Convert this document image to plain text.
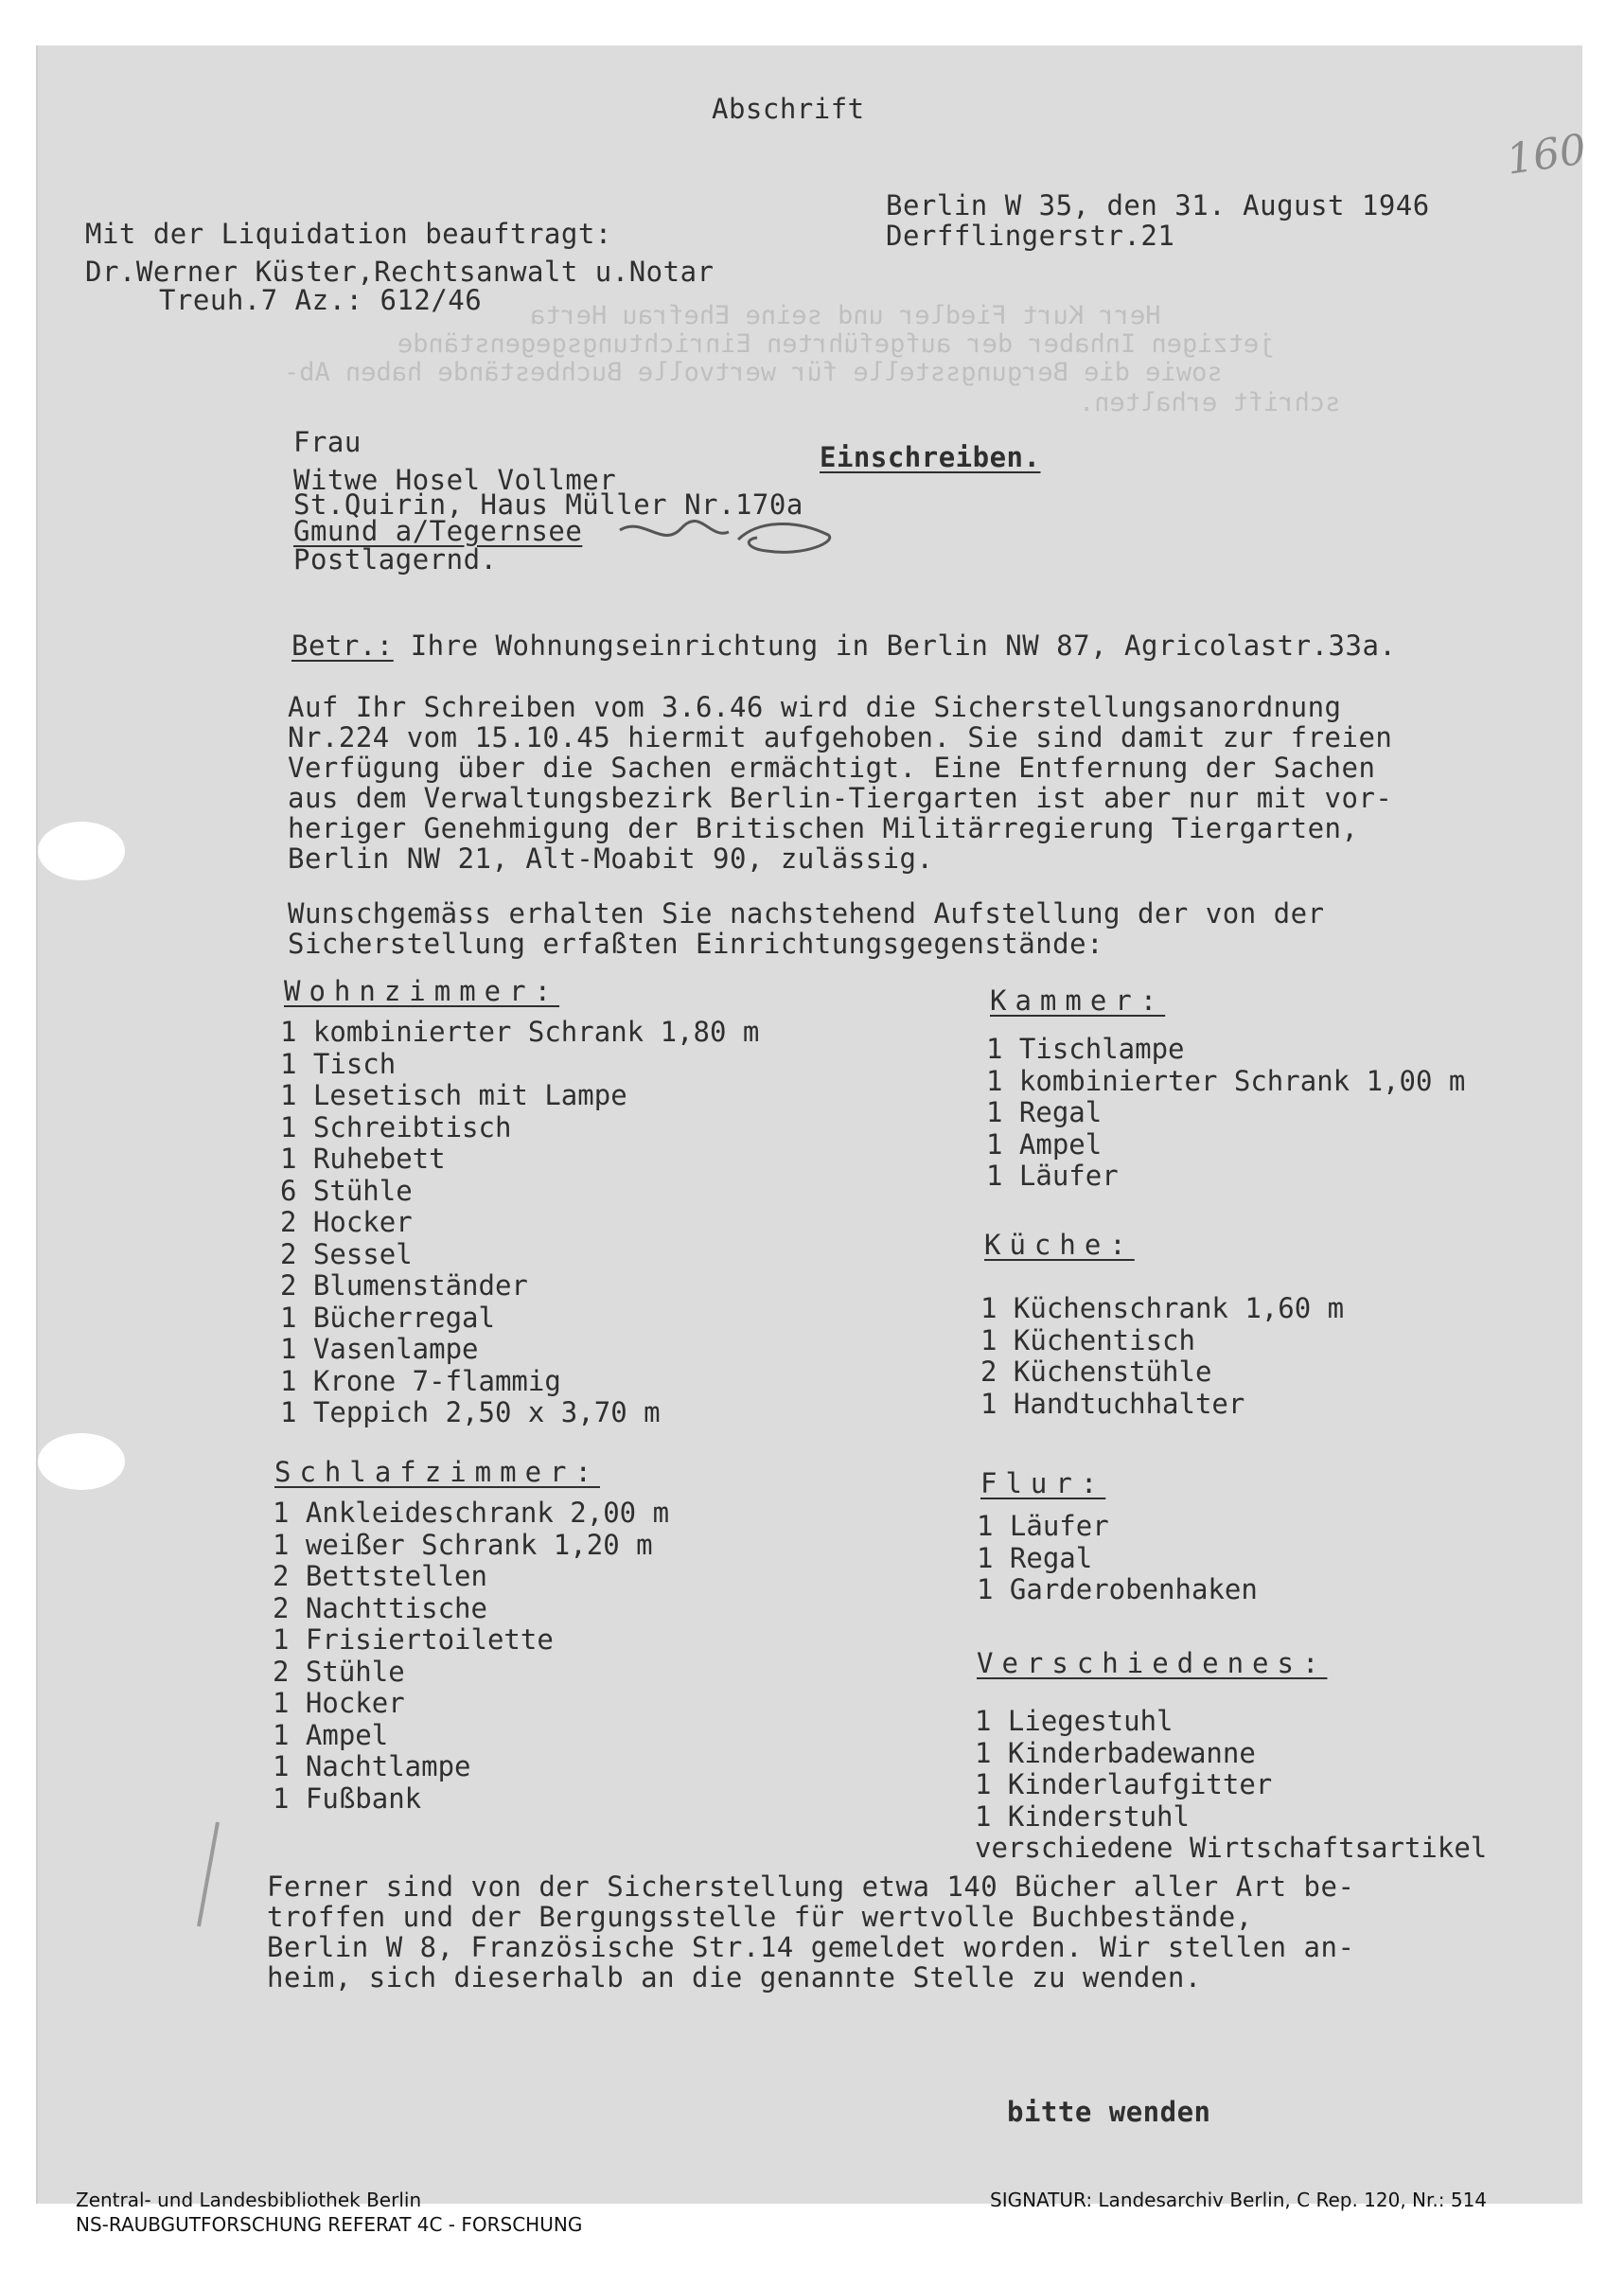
Abschrift
160
Mit der Liquidation beauftragt:
Dr.Werner Küster,Rechtsanwalt u.Notar
Treuh.7 Az.: 612/46
Berlin W 35, den 31. August 1946
Derfflingerstr.21
Herr Kurt Fiedler und seine Ehefrau Herta
jetzigen Inhaber der aufgeführten Einrichtungsgegenstände
sowie die Bergungsstelle für wertvolle Buchbestände haben Ab-
schrift erhalten.
Frau
Witwe Hosel Vollmer
St.Quirin, Haus Müller Nr.170a
Gmund a/Tegernsee
Postlagernd.
Einschreiben.
Betr.: Ihre Wohnungseinrichtung in Berlin NW 87, Agricolastr.33a.
Auf Ihr Schreiben vom 3.6.46 wird die Sicherstellungsanordnung
Nr.224 vom 15.10.45 hiermit aufgehoben. Sie sind damit zur freien
Verfügung über die Sachen ermächtigt. Eine Entfernung der Sachen
aus dem Verwaltungsbezirk Berlin-Tiergarten ist aber nur mit vor-
heriger Genehmigung der Britischen Militärregierung Tiergarten,
Berlin NW 21, Alt-Moabit 90, zulässig.
Wunschgemäss erhalten Sie nachstehend Aufstellung der von der
Sicherstellung erfaßten Einrichtungsgegenstände:
Wohnzimmer:
1 kombinierter Schrank 1,80 m
1 Tisch
1 Lesetisch mit Lampe
1 Schreibtisch
1 Ruhebett
6 Stühle
2 Hocker
2 Sessel
2 Blumenständer
1 Bücherregal
1 Vasenlampe
1 Krone 7-flammig
1 Teppich 2,50 x 3,70 m
Schlafzimmer:
1 Ankleideschrank 2,00 m
1 weißer Schrank 1,20 m
2 Bettstellen
2 Nachttische
1 Frisiertoilette
2 Stühle
1 Hocker
1 Ampel
1 Nachtlampe
1 Fußbank
Kammer:
1 Tischlampe
1 kombinierter Schrank 1,00 m
1 Regal
1 Ampel
1 Läufer
Küche:
1 Küchenschrank 1,60 m
1 Küchentisch
2 Küchenstühle
1 Handtuchhalter
Flur:
1 Läufer
1 Regal
1 Garderobenhaken
Verschiedenes:
1 Liegestuhl
1 Kinderbadewanne
1 Kinderlaufgitter
1 Kinderstuhl
verschiedene Wirtschaftsartikel
Ferner sind von der Sicherstellung etwa 140 Bücher aller Art be-
troffen und der Bergungsstelle für wertvolle Buchbestände,
Berlin W 8, Französische Str.14 gemeldet worden. Wir stellen an-
heim, sich dieserhalb an die genannte Stelle zu wenden.
bitte wenden
Zentral- und Landesbibliothek Berlin
NS-RAUBGUTFORSCHUNG REFERAT 4C - FORSCHUNG
SIGNATUR: Landesarchiv Berlin, C Rep. 120, Nr.: 514
